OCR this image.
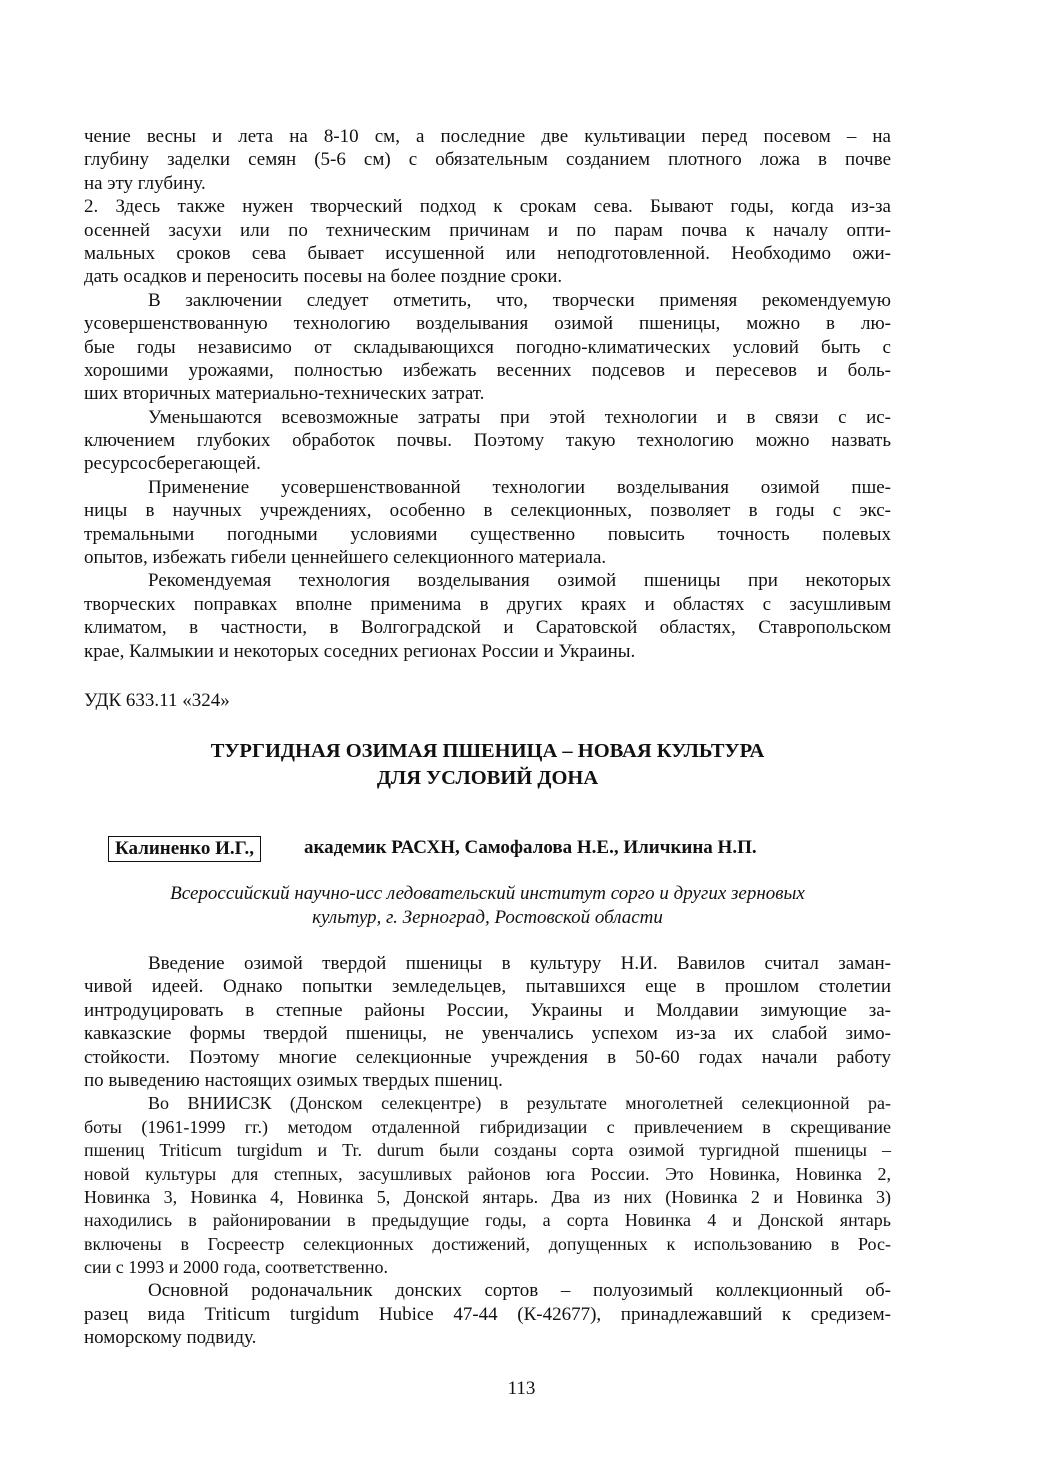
чение весны и лета на 8-10 см, а последние две культивации перед посевом – на
глубину заделки семян (5-6 см) с обязательным созданием плотного ложа в почве
на эту глубину.
2. Здесь также нужен творческий подход к срокам сева. Бывают годы, когда из-за
осенней засухи или по техническим причинам и по парам почва к началу опти-
мальных сроков сева бывает иссушенной или неподготовленной. Необходимо ожи-
дать осадков и переносить посевы на более поздние сроки.
В заключении следует отметить, что, творчески применяя рекомендуемую
усовершенствованную технологию возделывания озимой пшеницы, можно в лю-
бые годы независимо от складывающихся погодно-климатических условий быть с
хорошими урожаями, полностью избежать весенних подсевов и пересевов и боль-
ших вторичных материально-технических затрат.
Уменьшаются всевозможные затраты при этой технологии и в связи с ис-
ключением глубоких обработок почвы. Поэтому такую технологию можно назвать
ресурсосберегающей.
Применение усовершенствованной технологии возделывания озимой пше-
ницы в научных учреждениях, особенно в селекционных, позволяет в годы с экс-
тремальными погодными условиями существенно повысить точность полевых
опытов, избежать гибели ценнейшего селекционного материала.
Рекомендуемая технология возделывания озимой пшеницы при некоторых
творческих поправках вполне применима в других краях и областях с засушливым
климатом, в частности, в Волгоградской и Саратовской областях, Ставропольском
крае, Калмыкии и некоторых соседних регионах России и Украины.
УДК 633.11 «324»
ТУРГИДНАЯ ОЗИМАЯ ПШЕНИЦА – НОВАЯ КУЛЬТУРА
ДЛЯ УСЛОВИЙ ДОНА
Калиненко И.Г.,	академик РАСХН, Самофалова Н.Е., Иличкина Н.П.
Всероссийский научно-исс ледовательский институт сорго и других зерновых
культур, г. Зерноград, Ростовской области
Введение озимой твердой пшеницы в культуру Н.И. Вавилов считал заман-
чивой идеей. Однако попытки земледельцев, пытавшихся еще в прошлом столетии
интродуцировать в степные районы России, Украины и Молдавии зимующие за-
кавказские формы твердой пшеницы, не увенчались успехом из-за их слабой зимо-
стойкости. Поэтому многие селекционные учреждения в 50-60 годах начали работу
по выведению настоящих озимых твердых пшениц.
Во ВНИИСЗК (Донском селекцентре) в результате многолетней селекционной ра-
боты (1961-1999 гг.) методом отдаленной гибридизации с привлечением в скрещивание
пшениц Triticum turgidum и Tr. durum были созданы сорта озимой тургидной пшеницы –
новой культуры для степных, засушливых районов юга России. Это Новинка, Новинка 2,
Новинка 3, Новинка 4, Новинка 5, Донской янтарь. Два из них (Новинка 2 и Новинка 3)
находились в районировании в предыдущие годы, а сорта Новинка 4 и Донской янтарь
включены в Госреестр селекционных достижений, допущенных к использованию в Рос-
сии с 1993 и 2000 года, соответственно.
Основной родоначальник донских сортов – полуозимый коллекционный об-
разец вида Triticum turgidum Hubice 47-44 (К-42677), принадлежавший к средизем-
номорскому подвиду.
113
